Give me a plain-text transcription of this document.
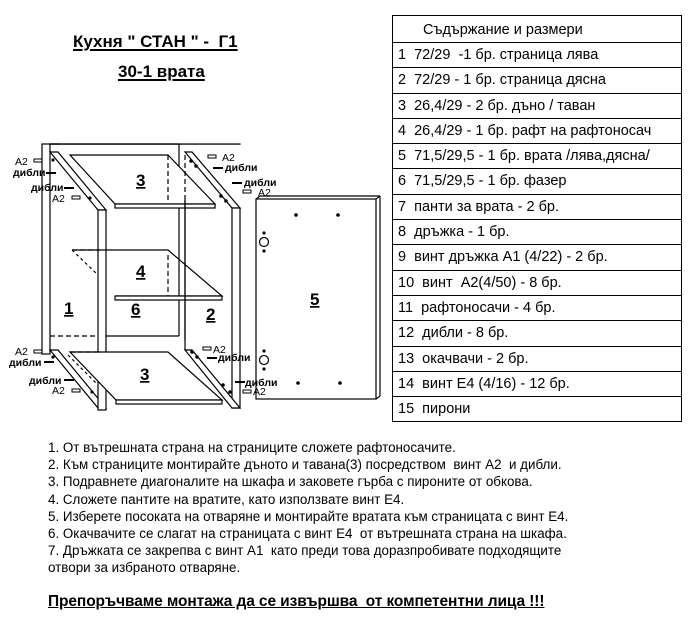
Кухня " СТАН " -  Г1
30-1 врата
3
4
1	6	2
3
5
А2
дибли
дибли
А2
А2
дибли
дибли
А2
А2
дибли
дибли
А2
А2
дибли
дибли
А2
Съдържание и размери
1  72/29  -1 бр. страница лява
2  72/29 - 1 бр. страница дясна
3  26,4/29 - 2 бр. дъно / таван
4  26,4/29 - 1 бр. рафт на рафтоносач
5  71,5/29,5 - 1 бр. врата /лява,дясна/
6  71,5/29,5 - 1 бр. фазер
7  панти за врата - 2 бр.
8  дръжка - 1 бр.
9  винт дръжка А1 (4/22) - 2 бр.
10  винт  А2(4/50) - 8 бр.
11  рафтоносачи - 4 бр.
12  дибли - 8 бр.
13  окачвачи - 2 бр.
14  винт Е4 (4/16) - 12 бр.
15  пирони
1. От вътрешната страна на страниците сложете рафтоносачите.
2. Към страниците монтирайте дъното и тавана(3) посредством  винт А2  и дибли.
3. Подравнете диагоналите на шкафа и заковете гърба с пироните от обкова.
4. Сложете пантите на вратите, като използвате винт Е4.
5. Изберете посоката на отваряне и монтирайте вратата към страницата с винт Е4.
6. Окачвачите се слагат на страницата с винт Е4  от вътрешната страна на шкафа.
7. Дръжката се закрепва с винт А1  като преди това доразпробивате подходящите
отвори за избраното отваряне.
Препоръчваме монтажа да се извършва  от компетентни лица !!!
